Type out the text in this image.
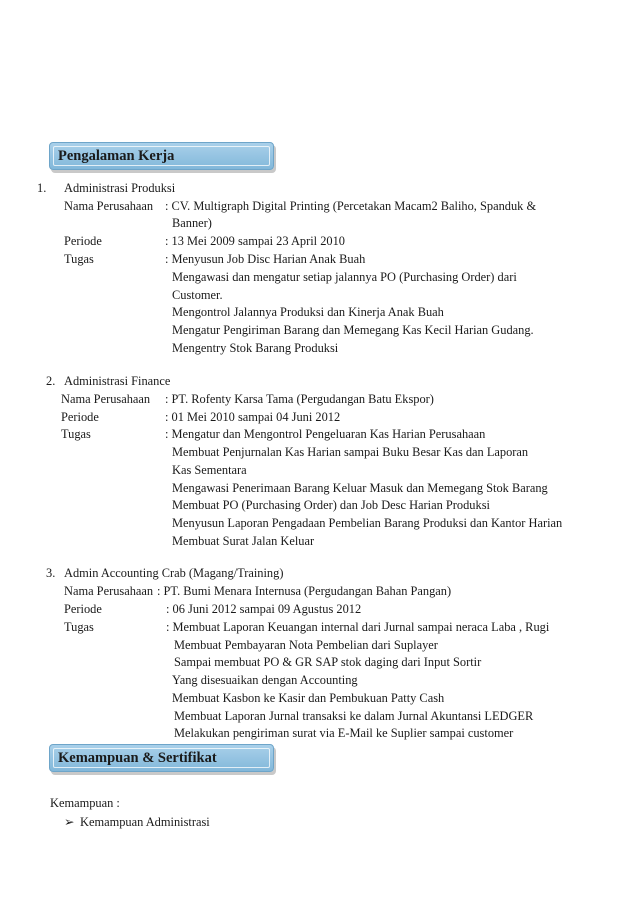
Pengalaman Kerja
1. Administrasi Produksi
Nama Perusahaan : CV. Multigraph Digital Printing (Percetakan Macam2 Baliho, Spanduk &
Banner)
Periode	: 13 Mei 2009 sampai 23 April 2010
Tugas	: Menyusun Job Disc Harian Anak Buah
Mengawasi dan mengatur setiap jalannya PO (Purchasing Order) dari
Customer.
Mengontrol Jalannya Produksi dan Kinerja Anak Buah
Mengatur Pengiriman Barang dan Memegang Kas Kecil Harian Gudang.
Mengentry Stok Barang Produksi
2. Administrasi Finance
Nama Perusahaan : PT. Rofenty Karsa Tama (Pergudangan Batu Ekspor)
Periode	: 01 Mei 2010 sampai 04 Juni 2012
Tugas	: Mengatur dan Mengontrol Pengeluaran Kas Harian Perusahaan
Membuat Penjurnalan Kas Harian sampai Buku Besar Kas dan Laporan
Kas Sementara
Mengawasi Penerimaan Barang Keluar Masuk dan Memegang Stok Barang
Membuat PO (Purchasing Order) dan Job Desc Harian Produksi
Menyusun Laporan Pengadaan Pembelian Barang Produksi dan Kantor Harian
Membuat Surat Jalan Keluar
3. Admin Accounting Crab (Magang/Training)
Nama Perusahaan : PT. Bumi Menara Internusa (Pergudangan Bahan Pangan)
Periode	: 06 Juni 2012 sampai 09 Agustus 2012
Tugas	: Membuat Laporan Keuangan internal dari Jurnal sampai neraca Laba , Rugi
Membuat Pembayaran Nota Pembelian dari Suplayer
Sampai membuat PO & GR SAP stok daging dari Input Sortir
Yang disesuaikan dengan Accounting
Membuat Kasbon ke Kasir dan Pembukuan Patty Cash
Membuat Laporan Jurnal transaksi ke dalam Jurnal Akuntansi LEDGER
Melakukan pengiriman surat via E-Mail ke Suplier sampai customer
Kemampuan & Sertifikat
Kemampuan :
➢ Kemampuan Administrasi
